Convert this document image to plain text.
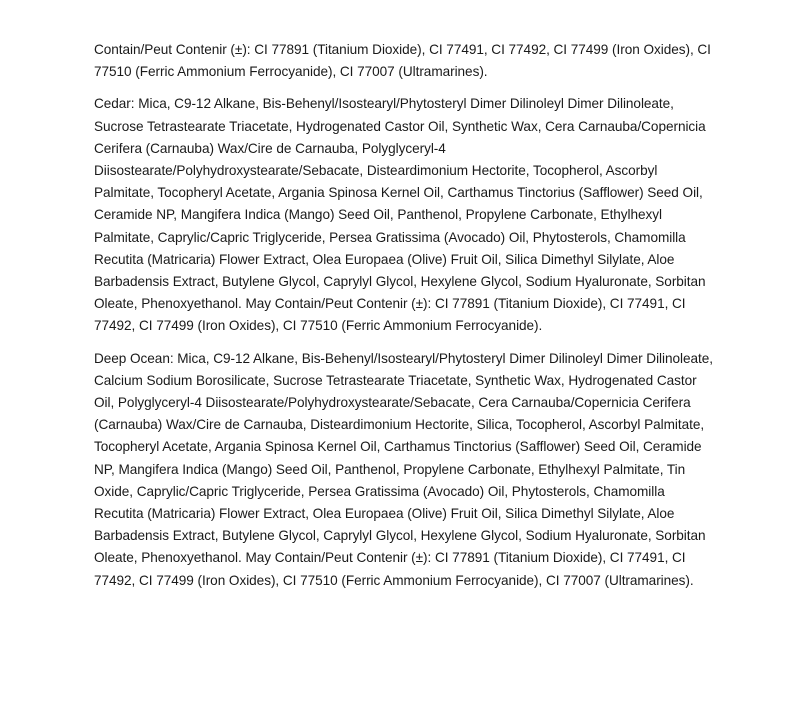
Contain/Peut Contenir (±): CI 77891 (Titanium Dioxide), CI 77491, CI 77492, CI 77499 (Iron Oxides), CI 77510 (Ferric Ammonium Ferrocyanide), CI 77007 (Ultramarines).

Cedar: Mica, C9-12 Alkane, Bis-Behenyl/Isostearyl/Phytosteryl Dimer Dilinoleyl Dimer Dilinoleate, Sucrose Tetrastearate Triacetate, Hydrogenated Castor Oil, Synthetic Wax, Cera Carnauba/Copernicia Cerifera (Carnauba) Wax/Cire de Carnauba, Polyglyceryl-4 Diisostearate/Polyhydroxystearate/Sebacate, Disteardimonium Hectorite, Tocopherol, Ascorbyl Palmitate, Tocopheryl Acetate, Argania Spinosa Kernel Oil, Carthamus Tinctorius (Safflower) Seed Oil, Ceramide NP, Mangifera Indica (Mango) Seed Oil, Panthenol, Propylene Carbonate, Ethylhexyl Palmitate, Caprylic/Capric Triglyceride, Persea Gratissima (Avocado) Oil, Phytosterols, Chamomilla Recutita (Matricaria) Flower Extract, Olea Europaea (Olive) Fruit Oil, Silica Dimethyl Silylate, Aloe Barbadensis Extract, Butylene Glycol, Caprylyl Glycol, Hexylene Glycol, Sodium Hyaluronate, Sorbitan Oleate, Phenoxyethanol. May Contain/Peut Contenir (±): CI 77891 (Titanium Dioxide), CI 77491, CI 77492, CI 77499 (Iron Oxides), CI 77510 (Ferric Ammonium Ferrocyanide).

Deep Ocean: Mica, C9-12 Alkane, Bis-Behenyl/Isostearyl/Phytosteryl Dimer Dilinoleyl Dimer Dilinoleate, Calcium Sodium Borosilicate, Sucrose Tetrastearate Triacetate, Synthetic Wax, Hydrogenated Castor Oil, Polyglyceryl-4 Diisostearate/Polyhydroxystearate/Sebacate, Cera Carnauba/Copernicia Cerifera (Carnauba) Wax/Cire de Carnauba, Disteardimonium Hectorite, Silica, Tocopherol, Ascorbyl Palmitate, Tocopheryl Acetate, Argania Spinosa Kernel Oil, Carthamus Tinctorius (Safflower) Seed Oil, Ceramide NP, Mangifera Indica (Mango) Seed Oil, Panthenol, Propylene Carbonate, Ethylhexyl Palmitate, Tin Oxide, Caprylic/Capric Triglyceride, Persea Gratissima (Avocado) Oil, Phytosterols, Chamomilla Recutita (Matricaria) Flower Extract, Olea Europaea (Olive) Fruit Oil, Silica Dimethyl Silylate, Aloe Barbadensis Extract, Butylene Glycol, Caprylyl Glycol, Hexylene Glycol, Sodium Hyaluronate, Sorbitan Oleate, Phenoxyethanol. May Contain/Peut Contenir (±): CI 77891 (Titanium Dioxide), CI 77491, CI 77492, CI 77499 (Iron Oxides), CI 77510 (Ferric Ammonium Ferrocyanide), CI 77007 (Ultramarines).
